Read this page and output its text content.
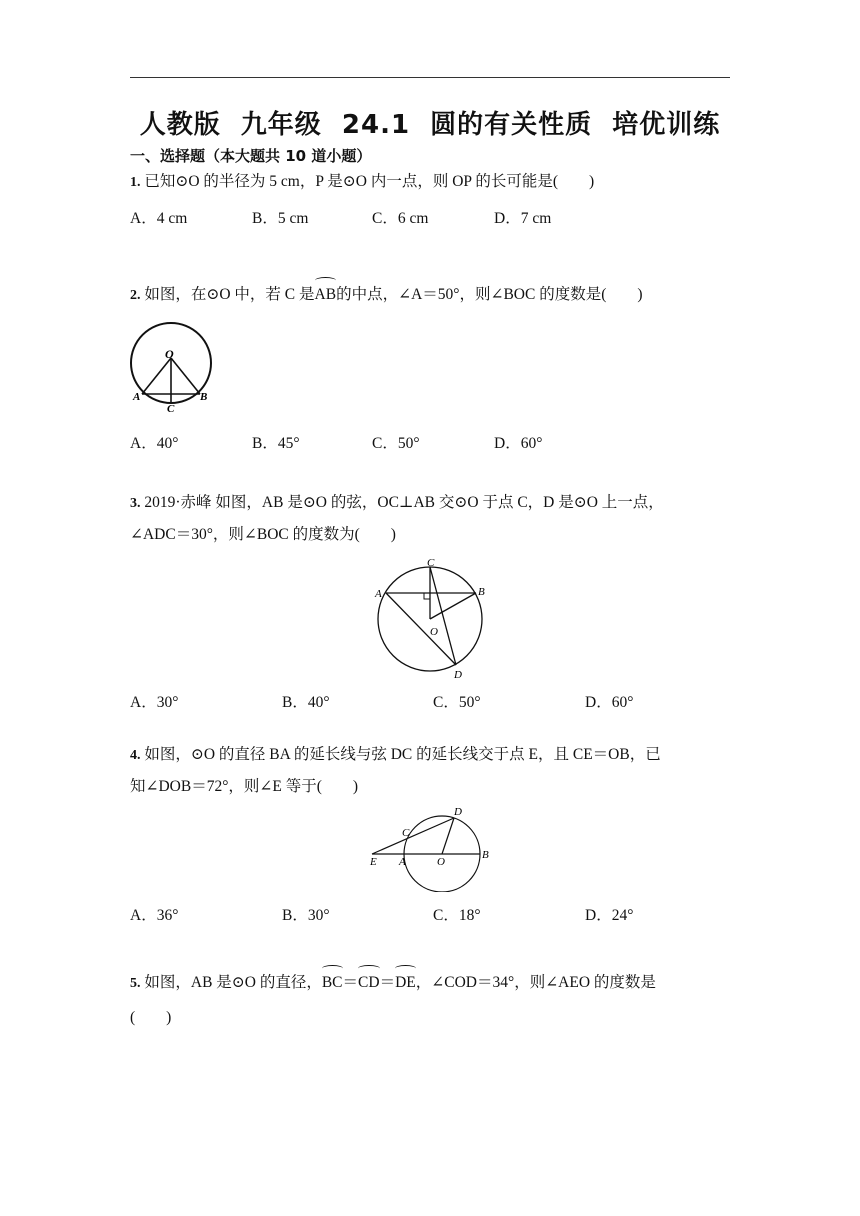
人教版  九年级  24.1  圆的有关性质  培优训练
一、选择题（本大题共 10 道小题）
1. 已知⊙O 的半径为 5 cm，P 是⊙O 内一点，则 OP 的长可能是(　　)
A．4 cm	B．5 cm	C．6 cm	D．7 cm
2. 如图，在⊙O 中，若 C 是AB的中点，∠A＝50°，则∠BOC 的度数是(　　)
O
A
C
B
A．40°	B．45°	C．50°	D．60°
3. 2019·赤峰 如图，AB 是⊙O 的弦，OC⊥AB 交⊙O 于点 C，D 是⊙O 上一点，
∠ADC＝30°，则∠BOC 的度数为(　　)
C
A	B
O
D
A．30°	B．40°	C．50°	D．60°
4. 如图，⊙O 的直径 BA 的延长线与弦 DC 的延长线交于点 E，且 CE＝OB，已
知∠DOB＝72°，则∠E 等于(　　)
D
C
E A	O
B
A．36°	B．30°	C．18°	D．24°
5. 如图，AB 是⊙O 的直径，BC＝CD＝DE，∠COD＝34°，则∠AEO 的度数是
(　　)
